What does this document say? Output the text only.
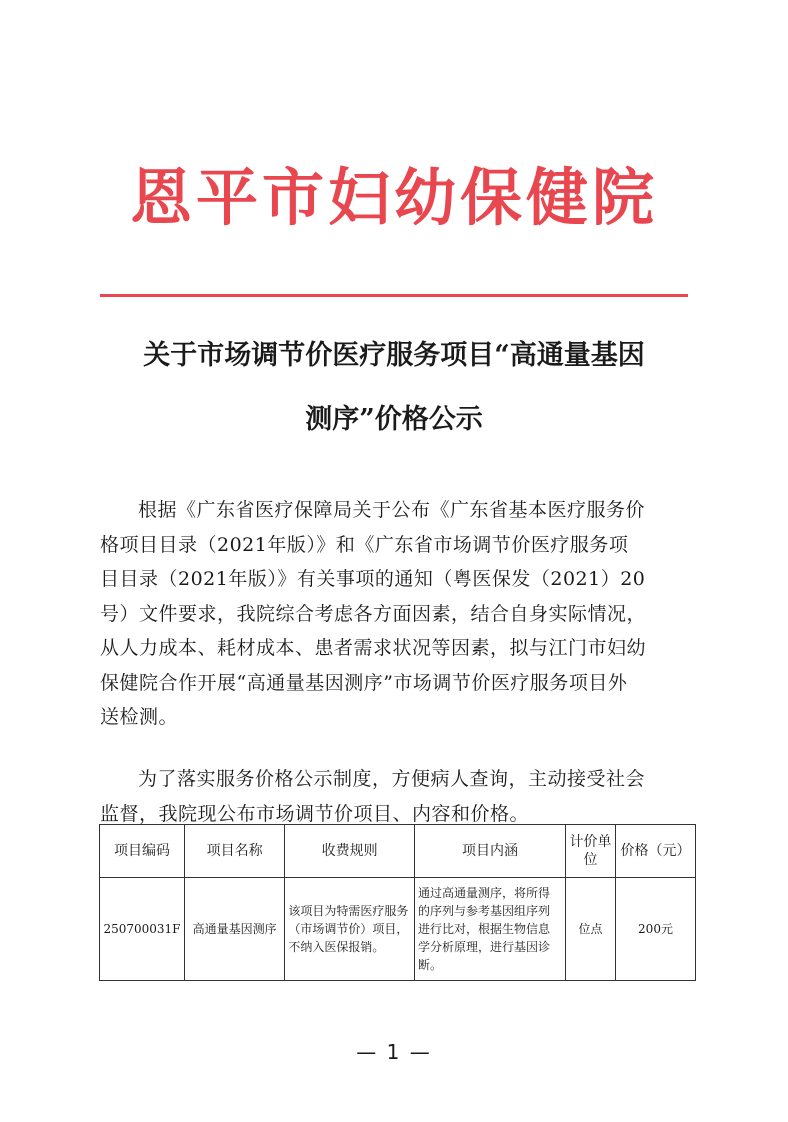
恩平市妇幼保健院
关于市场调节价医疗服务项目“高通量基因
测序”价格公示
根据《广东省医疗保障局关于公布《广东省基本医疗服务价
格项目目录（2021年版）》和《广东省市场调节价医疗服务项
目目录（2021年版）》有关事项的通知（粤医保发（2021）20
号）文件要求，我院综合考虑各方面因素，结合自身实际情况，
从人力成本、耗材成本、患者需求状况等因素，拟与江门市妇幼
保健院合作开展“高通量基因测序”市场调节价医疗服务项目外
送检测。
为了落实服务价格公示制度，方便病人查询，主动接受社会
监督，我院现公布市场调节价项目、内容和价格。
项目编码	项目名称	收费规则	项目内涵	计价单位	价格（元）
250700031F	高通量基因测序	该项目为特需医疗服务（市场调节价）项目，不纳入医保报销。	通过高通量测序，将所得的序列与参考基因组序列进行比对，根据生物信息学分析原理，进行基因诊断。	位点	200元
— 1 —
